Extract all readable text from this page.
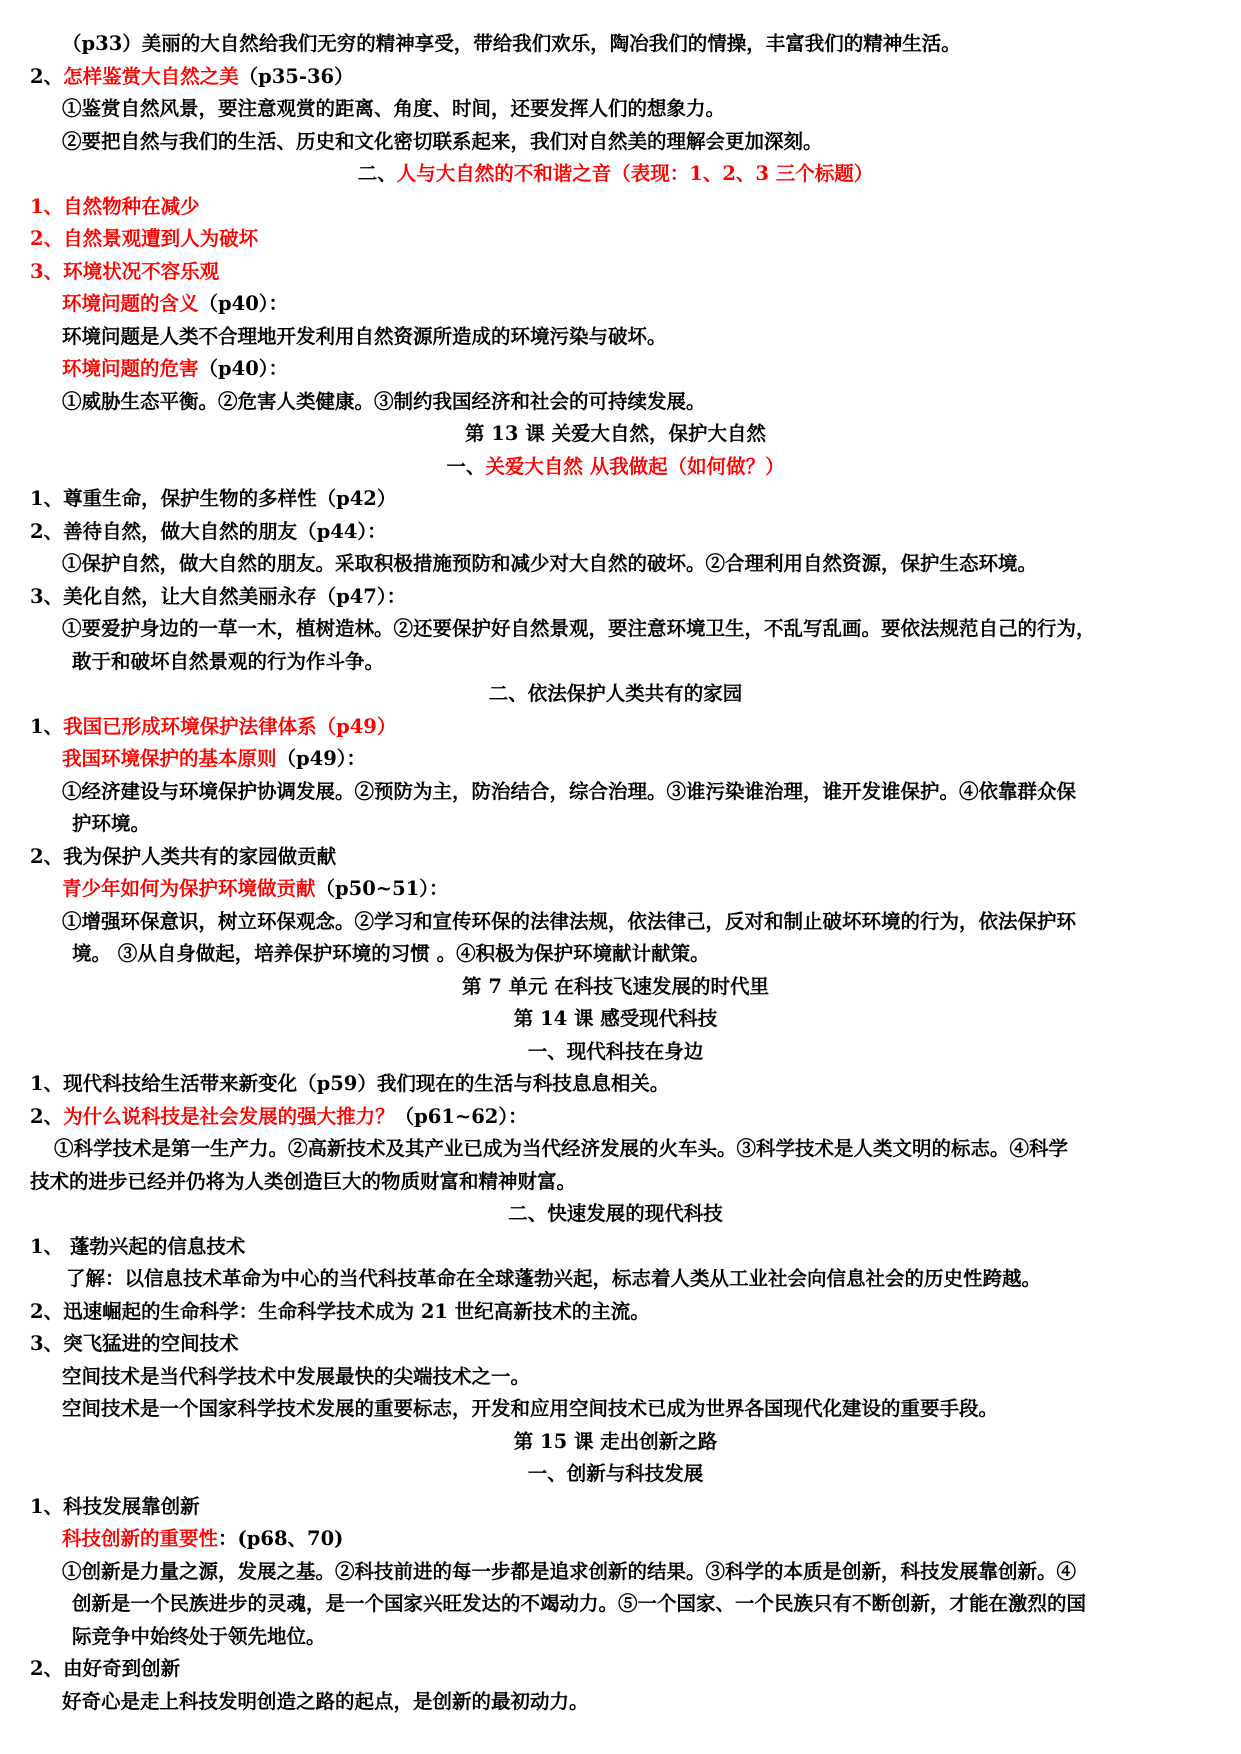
（p33）美丽的大自然给我们无穷的精神享受，带给我们欢乐，陶冶我们的情操，丰富我们的精神生活。
2、怎样鉴赏大自然之美（p35-36）
①鉴赏自然风景，要注意观赏的距离、角度、时间，还要发挥人们的想象力。
②要把自然与我们的生活、历史和文化密切联系起来，我们对自然美的理解会更加深刻。
二、人与大自然的不和谐之音（表现：1、2、3 三个标题）
1、自然物种在减少
2、自然景观遭到人为破坏
3、环境状况不容乐观
环境问题的含义（p40）：
环境问题是人类不合理地开发利用自然资源所造成的环境污染与破坏。
环境问题的危害（p40）：
①威胁生态平衡。②危害人类健康。③制约我国经济和社会的可持续发展。
第 13 课 关爱大自然，保护大自然
一、关爱大自然 从我做起（如何做？）
1、尊重生命，保护生物的多样性（p42）
2、善待自然，做大自然的朋友（p44）：
①保护自然，做大自然的朋友。采取积极措施预防和减少对大自然的破坏。②合理利用自然资源，保护生态环境。
3、美化自然，让大自然美丽永存（p47）：
①要爱护身边的一草一木，植树造林。②还要保护好自然景观，要注意环境卫生，不乱写乱画。要依法规范自己的行为，
敢于和破坏自然景观的行为作斗争。
二、依法保护人类共有的家园
1、我国已形成环境保护法律体系（p49）
我国环境保护的基本原则（p49）：
①经济建设与环境保护协调发展。②预防为主，防治结合，综合治理。③谁污染谁治理，谁开发谁保护。④依靠群众保
护环境。
2、我为保护人类共有的家园做贡献
青少年如何为保护环境做贡献（p50~51）：
①增强环保意识，树立环保观念。②学习和宣传环保的法律法规，依法律己，反对和制止破坏环境的行为，依法保护环
境。 ③从自身做起，培养保护环境的习惯 。④积极为保护环境献计献策。
第 7 单元 在科技飞速发展的时代里
第 14 课 感受现代科技
一、现代科技在身边
1、现代科技给生活带来新变化（p59）我们现在的生活与科技息息相关。
2、为什么说科技是社会发展的强大推力？（p61~62）：
①科学技术是第一生产力。②高新技术及其产业已成为当代经济发展的火车头。③科学技术是人类文明的标志。④科学
技术的进步已经并仍将为人类创造巨大的物质财富和精神财富。
二、快速发展的现代科技
1、 蓬勃兴起的信息技术
了解：以信息技术革命为中心的当代科技革命在全球蓬勃兴起，标志着人类从工业社会向信息社会的历史性跨越。
2、迅速崛起的生命科学：生命科学技术成为 21 世纪高新技术的主流。
3、突飞猛进的空间技术
空间技术是当代科学技术中发展最快的尖端技术之一。
空间技术是一个国家科学技术发展的重要标志，开发和应用空间技术已成为世界各国现代化建设的重要手段。
第 15 课 走出创新之路
一、创新与科技发展
1、科技发展靠创新
科技创新的重要性：(p68、70)
①创新是力量之源，发展之基。②科技前进的每一步都是追求创新的结果。③科学的本质是创新，科技发展靠创新。④
创新是一个民族进步的灵魂，是一个国家兴旺发达的不竭动力。⑤一个国家、一个民族只有不断创新，才能在激烈的国
际竞争中始终处于领先地位。
2、由好奇到创新
好奇心是走上科技发明创造之路的起点，是创新的最初动力。
